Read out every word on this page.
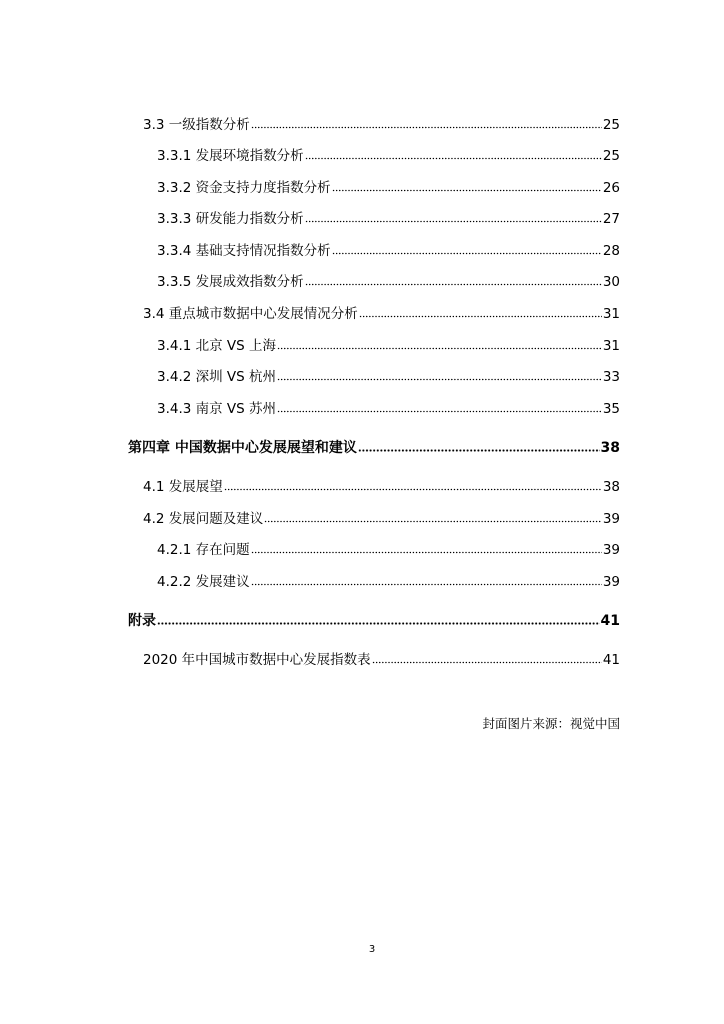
3.3 一级指数分析	25
3.3.1 发展环境指数分析	25
3.3.2 资金支持力度指数分析	26
3.3.3 研发能力指数分析	27
3.3.4 基础支持情况指数分析	28
3.3.5 发展成效指数分析	30
3.4 重点城市数据中心发展情况分析	31
3.4.1 北京 VS 上海	31
3.4.2 深圳 VS 杭州	33
3.4.3 南京 VS 苏州	35
第四章 中国数据中心发展展望和建议	38
4.1 发展展望	38
4.2 发展问题及建议	39
4.2.1 存在问题	39
4.2.2 发展建议	39
附录	41
2020 年中国城市数据中心发展指数表	41
封面图片来源：视觉中国
3
